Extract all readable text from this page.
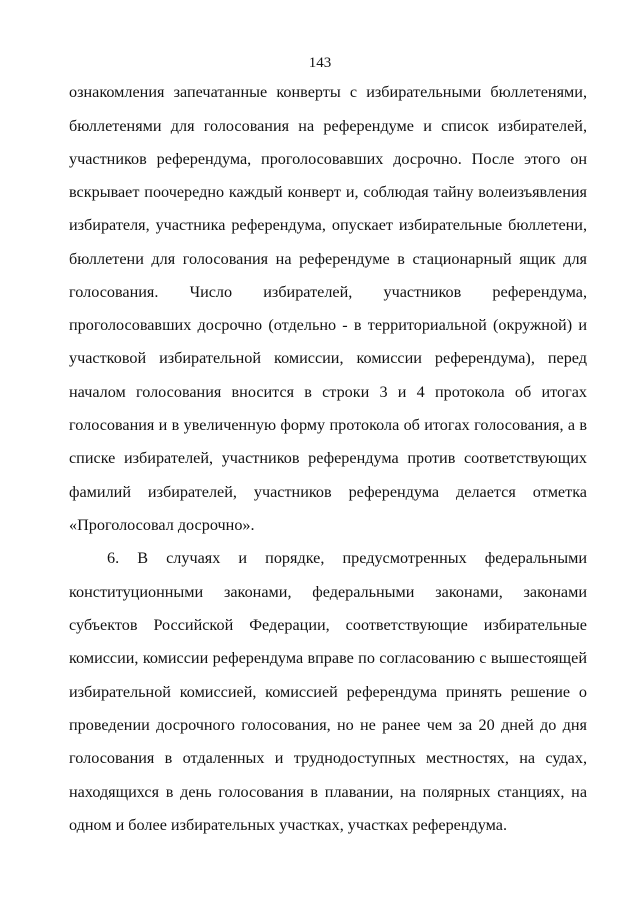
143
ознакомления запечатанные конверты с избирательными бюллетенями,
бюллетенями для голосования на референдуме и список избирателей,
участников референдума, проголосовавших досрочно. После этого он
вскрывает поочередно каждый конверт и, соблюдая тайну волеизъявления
избирателя, участника референдума, опускает избирательные бюллетени,
бюллетени для голосования на референдуме в стационарный ящик для
голосования. Число избирателей, участников референдума,
проголосовавших досрочно (отдельно - в территориальной (окружной) и
участковой избирательной комиссии, комиссии референдума), перед
началом голосования вносится в строки 3 и 4 протокола об итогах
голосования и в увеличенную форму протокола об итогах голосования, а в
списке избирателей, участников референдума против соответствующих
фамилий избирателей, участников референдума делается отметка
«Проголосовал досрочно».
6. В случаях и порядке, предусмотренных федеральными
конституционными законами, федеральными законами, законами
субъектов Российской Федерации, соответствующие избирательные
комиссии, комиссии референдума вправе по согласованию с вышестоящей
избирательной комиссией, комиссией референдума принять решение о
проведении досрочного голосования, но не ранее чем за 20 дней до дня
голосования в отдаленных и труднодоступных местностях, на судах,
находящихся в день голосования в плавании, на полярных станциях, на
одном и более избирательных участках, участках референдума.
